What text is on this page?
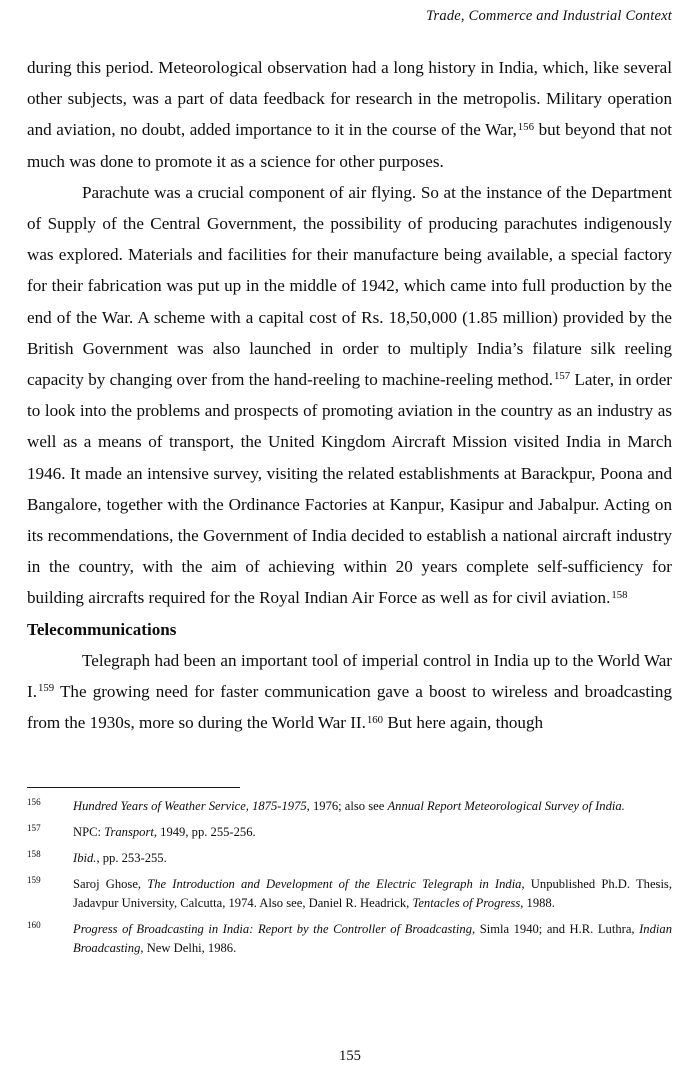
Trade, Commerce and Industrial Context

during this period. Meteorological observation had a long history in India, which, like several other subjects, was a part of data feedback for research in the metropolis. Military operation and aviation, no doubt, added importance to it in the course of the War,$^{156}$ but beyond that not much was done to promote it as a science for other purposes.

Parachute was a crucial component of air flying. So at the instance of the Department of Supply of the Central Government, the possibility of producing parachutes indigenously was explored. Materials and facilities for their manufacture being available, a special factory for their fabrication was put up in the middle of 1942, which came into full production by the end of the War. A scheme with a capital cost of Rs. 18,50,000 (1.85 million) provided by the British Government was also launched in order to multiply India’s filature silk reeling capacity by changing over from the hand-reeling to machine-reeling method.$^{157}$ Later, in order to look into the problems and prospects of promoting aviation in the country as an industry as well as a means of transport, the United Kingdom Aircraft Mission visited India in March 1946. It made an intensive survey, visiting the related establishments at Barackpur, Poona and Bangalore, together with the Ordinance Factories at Kanpur, Kasipur and Jabalpur. Acting on its recommendations, the Government of India decided to establish a national aircraft industry in the country, with the aim of achieving within 20 years complete self-sufficiency for building aircrafts required for the Royal Indian Air Force as well as for civil aviation.$^{158}$

Telecommunications

Telegraph had been an important tool of imperial control in India up to the World War I.$^{159}$ The growing need for faster communication gave a boost to wireless and broadcasting from the 1930s, more so during the World War II.$^{160}$ But here again, though

156	Hundred Years of Weather Service, 1875-1975, 1976; also see Annual Report Meteorological Survey of India.
157	NPC: Transport, 1949, pp. 255-256.
158	Ibid., pp. 253-255.
159	Saroj Ghose, The Introduction and Development of the Electric Telegraph in India, Unpublished Ph.D. Thesis, Jadavpur University, Calcutta, 1974. Also see, Daniel R. Headrick, Tentacles of Progress, 1988.
160	Progress of Broadcasting in India: Report by the Controller of Broadcasting, Simla 1940; and H.R. Luthra, Indian Broadcasting, New Delhi, 1986.
155
